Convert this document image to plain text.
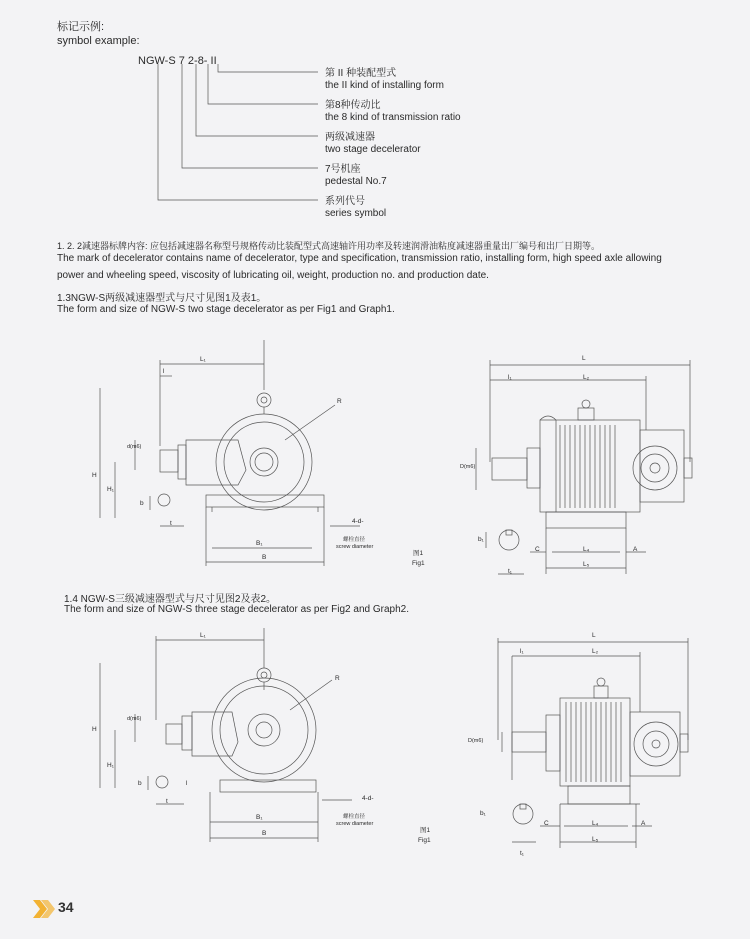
标记示例:
symbol example:
NGW-S 7 2-8- II
第 II 种装配型式
the II kind of installing form
第8种传动比
the 8 kind of transmission ratio
两级减速器
two stage decelerator
7号机座
pedestal No.7
系列代号
series symbol
1. 2. 2减速器标牌内容: 应包括减速器名称型号规格传动比装配型式高速轴许用功率及转速润滑油粘度减速器重量出厂编号和出厂日期等。
The mark of decelerator contains name of decelerator, type and specification, transmission ratio, installing form, high speed axle allowing
power and wheeling speed, viscosity of lubricating oil, weight, production no. and production date.
1.3NGW-S两级减速器型式与尺寸见图1及表1。
The form and size of NGW-S two stage decelerator as per Fig1 and Graph1.
1.4 NGW-S三级减速器型式与尺寸见图2及表2。
The form and size of NGW-S three stage decelerator as per Fig2 and Graph2.
L₁
l
R
H
H₁
d(m6)
b
t	4-d-
螺栓直径
screw diameter
B₁
B
图1
Fig1
L
l₁	L₂
D(m6)
b₁
t₁
C	L₄	A
L₅
L₁
R
H
H₁
d(m6)
b
t
l
4-d-
螺栓直径
screw diameter
B₁
B	图1
Fig1
L
l₁	L₂
D(m6)
b₁
t₁
C	L₄	A
L₅
34
